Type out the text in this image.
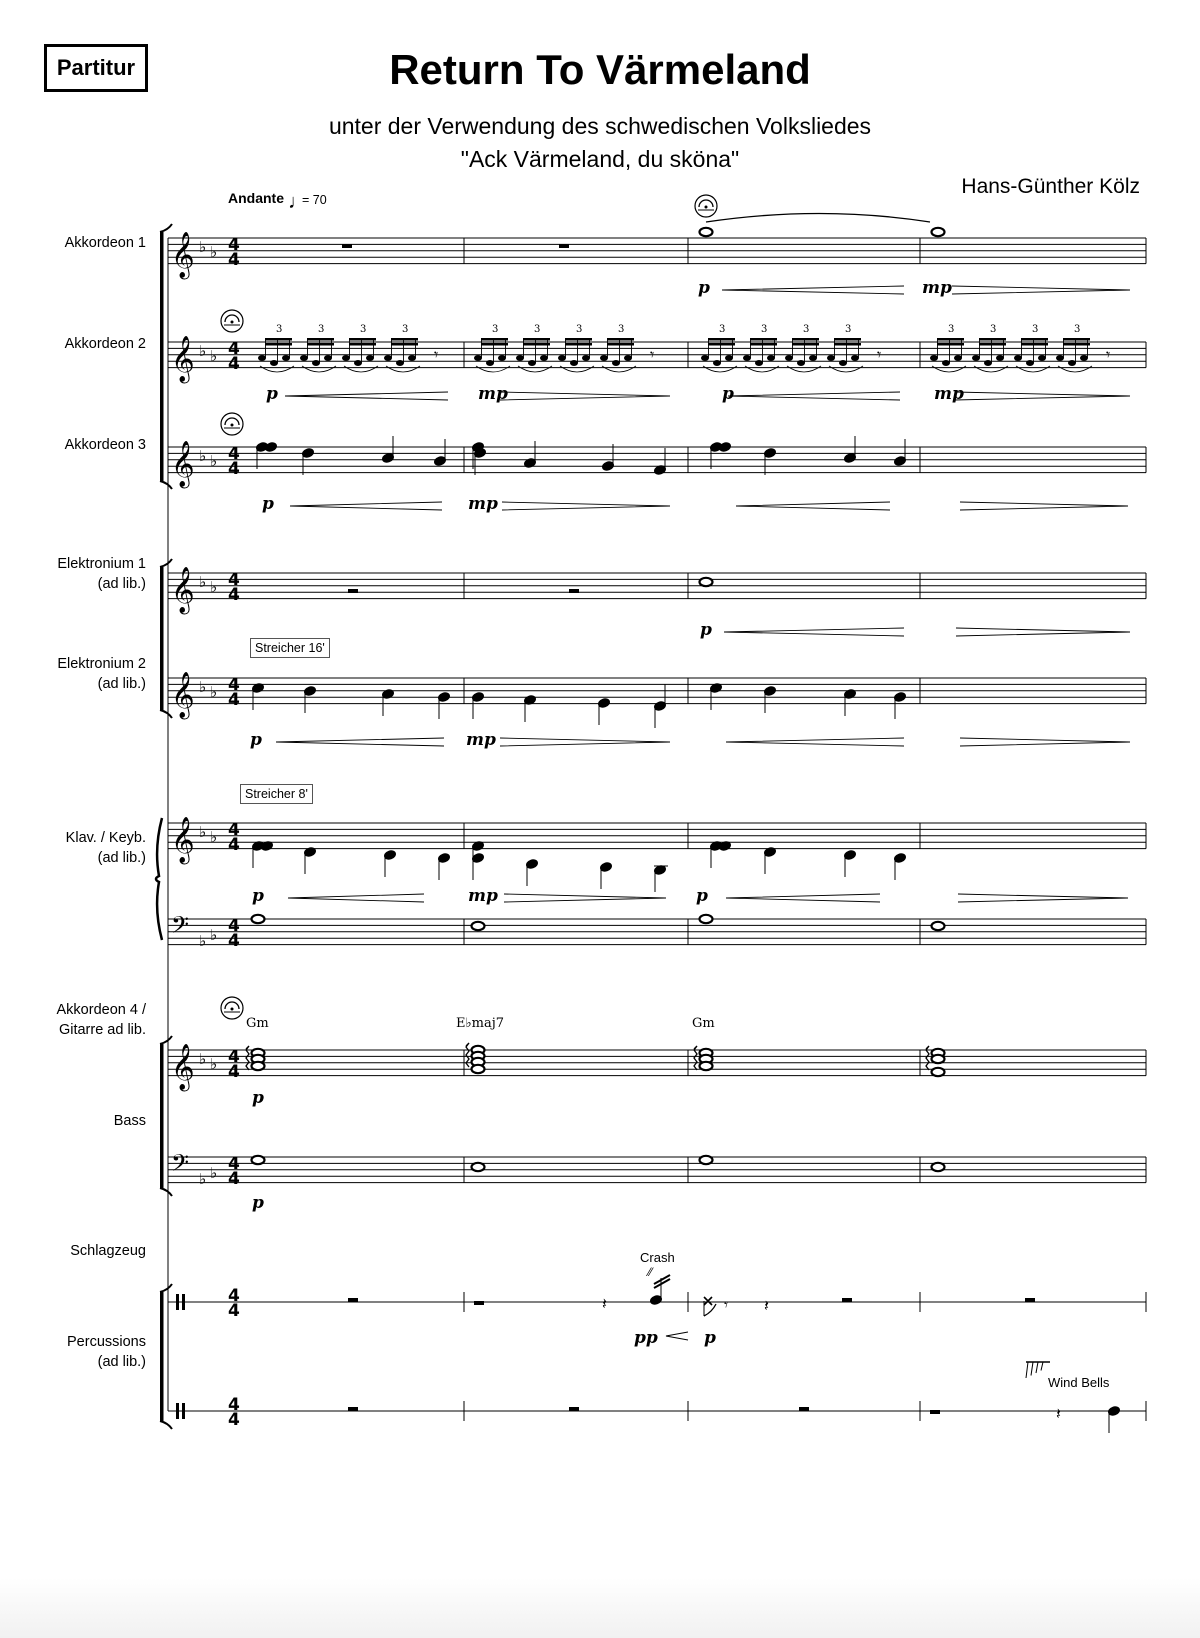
Partitur	Return To Värmeland
unter der Verwendung des schwedischen Volksliedes
"Ack Värmeland, du sköna"
Hans-Günther Kölz
Andante ♩
= 70
Akkordeon 1
Akkordeon 2
Akkordeon 3
Elektronium 1
(ad lib.)
Elektronium 2
(ad lib.)
Klav. / Keyb.
(ad lib.)
Akkordeon 4 /
Gitarre ad lib.
Bass
Schlagzeug
Percussions
(ad lib.)
Streicher 16'
Streicher 8'
Gm	E♭maj7	Gm
Crash
Wind Bells
p	mp
p	mp	p	mp
p	mp
p
p	mp
p	mp	p
p
p
pp	p
𝄞 ♭ ♭ 4
4
𝄞 ♭ ♭ 4
4
𝄞 ♭ ♭ 4
4
𝄞 ♭ ♭ 4
4
𝄞 ♭ ♭ 4
4
𝄞 ♭ ♭ 4
4
𝄢 ♭ ♭ 4
4
𝄞 ♭ ♭ 4
4
𝄢 ♭ ♭ 4
4
4
4
4
4
3	3	3	3
𝄾
3	3	3	3
𝄾
3	3	3	3
𝄾
3	3	3	3
𝄾
𝄽
⁄⁄
𝄾 𝄽
𝄽
